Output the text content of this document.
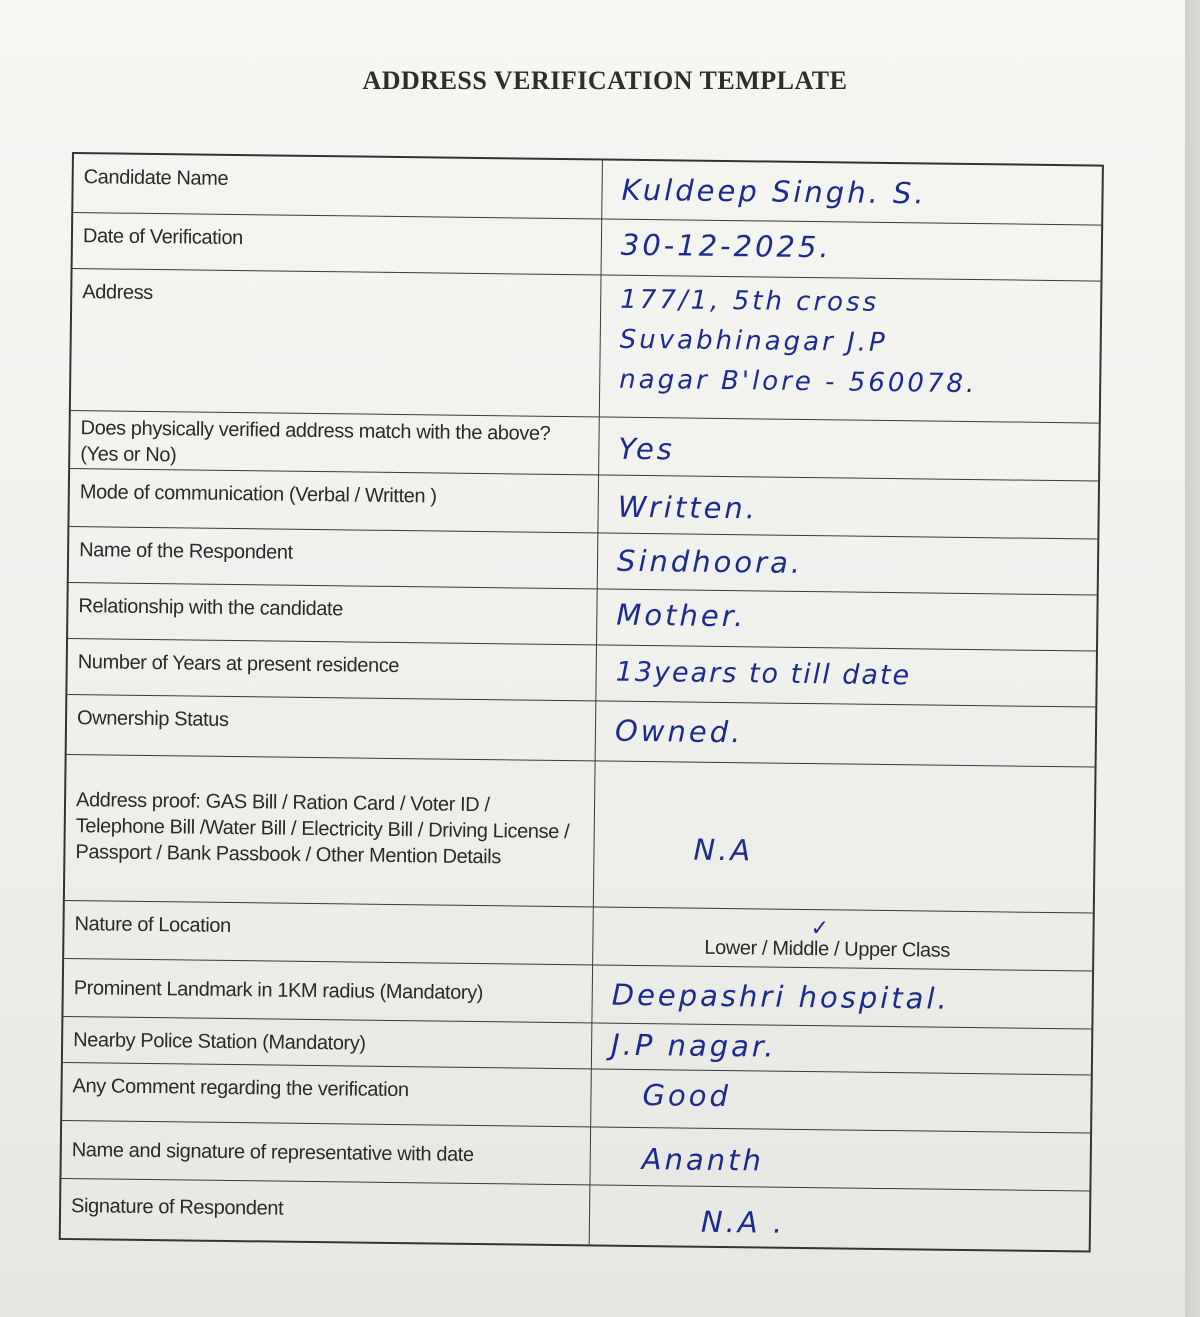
ADDRESS VERIFICATION TEMPLATE
Candidate Name	Kuldeep Singh. S.
Date of Verification	30-12-2025.
Address	177/1, 5th cross
Suvabhinagar J.P
nagar B'lore - 560078.
Does physically verified address match with the above?(Yes or No)	Yes
Mode of communication (Verbal / Written )	Written.
Name of the Respondent	Sindhoora.
Relationship with the candidate	Mother.
Number of Years at present residence	13years to till date
Ownership Status	Owned.
Address proof: GAS Bill / Ration Card / Voter ID / Telephone Bill /Water Bill / Electricity Bill / Driving License / Passport / Bank Passbook / Other Mention Details	N.A
Nature of Location	✓
Lower / Middle / Upper Class
Prominent Landmark in 1KM radius (Mandatory)	Deepashri hospital.
Nearby Police Station (Mandatory)	J.P nagar.
Any Comment regarding the verification	Good
Name and signature of representative with date	Ananth
Signature of Respondent	N.A .
